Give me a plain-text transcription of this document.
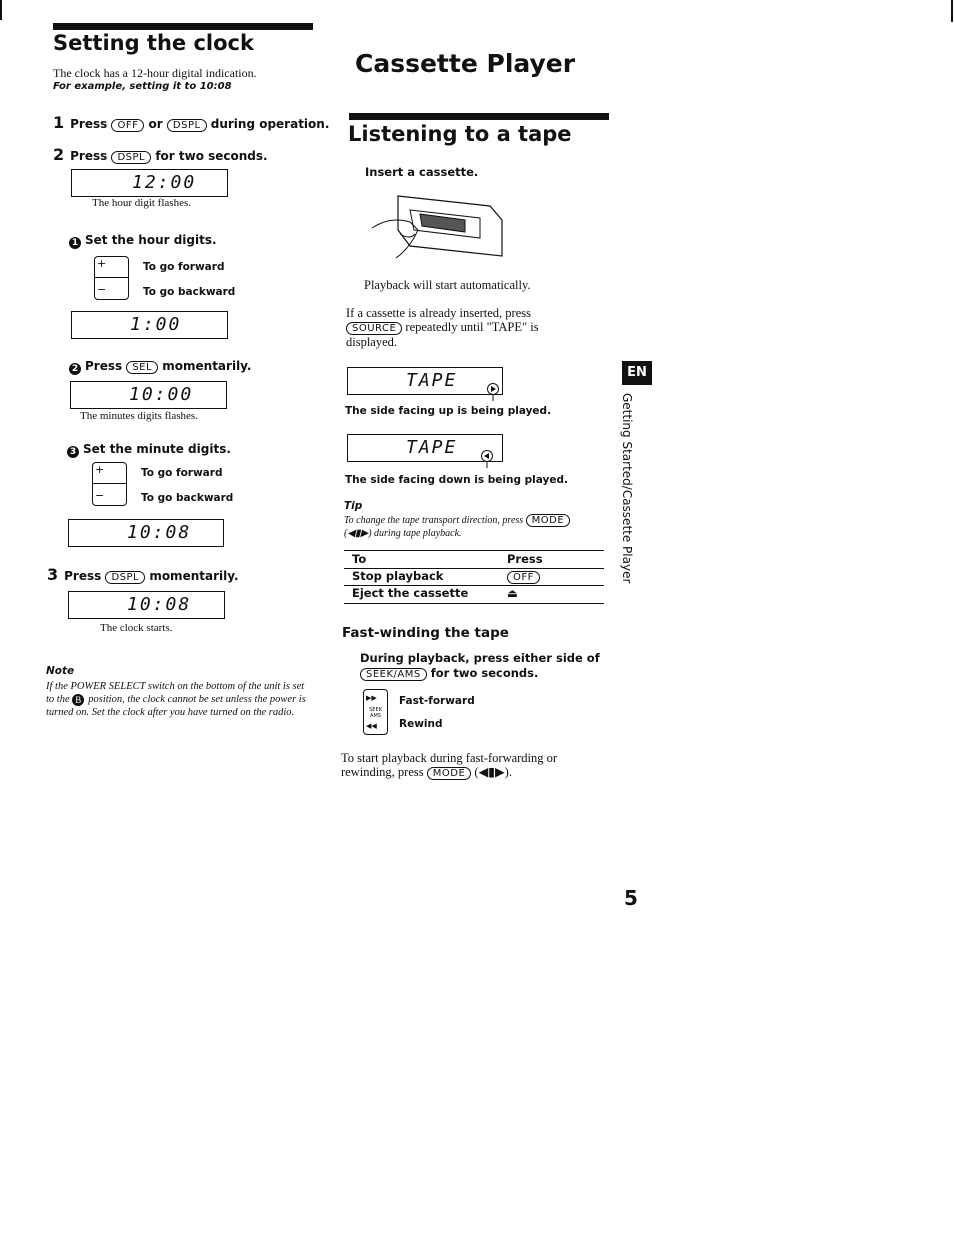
Setting the clock
The clock has a 12-hour digital indication.
For example, setting it to 10:08
1 Press OFF or DSPL during operation.
2 Press DSPL for two seconds.
12:00
The hour digit flashes.
1 Set the hour digits.
+
−
To go forward
To go backward
1:00
2 Press SEL momentarily.
10:00
The minutes digits flashes.
3 Set the minute digits.
+
−
To go forward
To go backward
10:08
3 Press DSPL momentarily.
10:08
The clock starts.
Note
If the POWER SELECT switch on the bottom of the unit is set to the B position, the clock cannot be set unless the power is turned on. Set the clock after you have turned on the radio.
Cassette Player
Listening to a tape
Insert a cassette.
Playback will start automatically.
If a cassette is already inserted, press SOURCE repeatedly until "TAPE" is displayed.
TAPE
The side facing up is being played.
TAPE
The side facing down is being played.
Tip
To change the tape transport direction, press MODE (◀▮▶) during tape playback.
To	Press
Stop playback	OFF
Eject the cassette	⏏
Fast-winding the tape
During playback, press either side of
SEEK/AMS for two seconds.
▶▶
SEEK AMS
◀◀
Fast-forward
Rewind
To start playback during fast-forwarding or rewinding, press MODE (◀▮▶).
EN
Getting Started/Cassette Player
5
